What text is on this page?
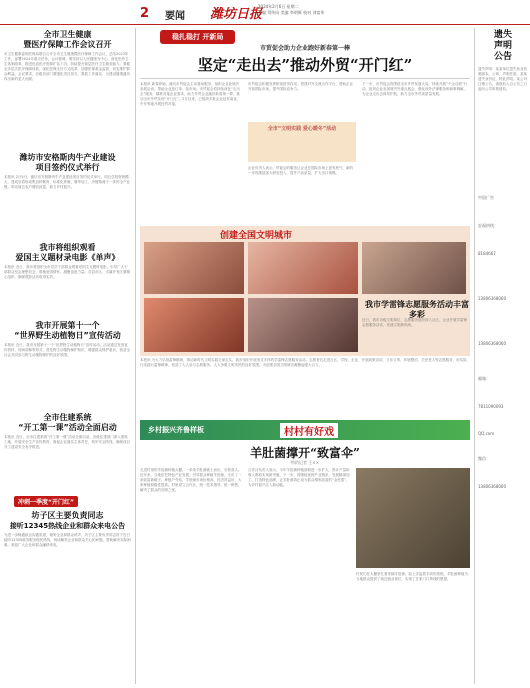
2 要闻 潍坊日报
2024年2月6日 星期二
责编 刘传向 美编 李明辉 校对 刘富华
全市卫生健康
暨医疗保障工作会议召开
市卫生健康委和医保局联合召开全市卫生健康暨医疗保障工作会议，总结2023年工作，部署2024年重点任务。会议强调，要坚持以人民健康为中心，深化医药卫生体制改革，推进优质医疗资源扩容下沉，持续提升基层医疗卫生服务能力。要健全多层次医疗保障体系，深化医保支付方式改革，加强医保基金监管，切实维护群众利益。会议要求，各级各部门要强化责任担当，狠抓工作落实，为建设健康潍坊作出新的更大贡献。
潍坊市安格斯肉牛产业建设
项目签约仪式举行
本报讯 2月5日，潍坊市安格斯肉牛产业建设项目签约仪式举行。项目总投资规模大，建成后将形成集良种繁育、标准化养殖、屠宰加工、冷链物流于一体的全产业链，带动周边农户增收致富，助力乡村振兴。
我市将组织观看
爱国主义题材录电影《单声》
本报讯 近日，我市将组织全市党员干部群众观看爱国主义题材电影，引导广大干部群众坚定理想信念，厚植爱国情怀，凝聚奋进力量。各县市区、市属开发区要精心组织，确保观影活动取得实效。
我市开展第十一个
“世界野生动植物日”宣传活动
本报讯 近日，我市开展第十一个“世界野生动植物日”宣传活动。活动通过发放宣传资料、现场讲解等形式，普及野生动植物保护知识，增强群众保护意识，营造全社会共同参与野生动植物保护的良好氛围。
全市住建系统
“开工第一课”活动全面启动
本报讯 近日，全市住建系统“开工第一课”活动全面启动。各级住建部门深入建筑工地，开展安全生产宣传教育，督促企业落实主体责任，筑牢安全防线，确保项目开工建设安全有序推进。
冲刺一季度“开门红”
坊子区主要负责同志
接听12345热线企业和群众来电公告
为进一步畅通政企沟通渠道，倾听企业和群众呼声，坊子区主要负责同志将于近日接听12345政务服务便民热线，现场解答企业和群众关心的问题，帮助解决实际困难。欢迎广大企业和群众踊跃来电。
稳扎稳打 开新局
市贸促会助力企业跑好新春第一棒
坚定“走出去”推动外贸“开门红”
本报讯 新春伊始，潍坊市贸促会主动靠前服务，组织企业赴境外参展洽谈，帮助企业抢订单、拓市场。市贸促会将持续深化“走出去”服务，精准对接企业需求，助力外贸企业跑好新春第一棒，推动全市外贸实现“开门红”。2月以来，已组织多批企业赴东南亚、中东等地开展经贸对接。
市贸促会积极发挥桥梁纽带作用，搭建对外交流合作平台，帮助企业开拓国际市场，提升国际竞争力。
全市“文明实践 爱心暖冬”活动
企业负责人表示，贸促会的服务让企业在国际市场上更有底气，新的一年将继续加大研发投入，提升产品质量，扩大出口规模。
下一步，市贸促会将围绕全市外贸发展大局，持续开展“千企百展”行动，组织企业参加境内外重点展会，强化涉外法律服务和商事调解，为企业走出去保驾护航，助力全市外贸高质量发展。
创建全国文明城市
我市学雷锋志愿服务活动丰富多彩
近日，我市各级文明单位、志愿服务组织深入社区、企业开展学雷锋志愿服务活动，传递文明新风尚。
本报讯 为大力弘扬雷锋精神，推动新时代文明实践走深走实，我市组织开展形式多样的学雷锋志愿服务活动。志愿者们走进社区、学校、企业，开展政策宣讲、义诊义剪、环境整治、关爱老人等志愿服务，用实际行动践行雷锋精神，营造了人人参与志愿服务、人人争做文明市民的良好氛围，为创建全国文明城市凝聚起强大合力。
乡村振兴齐鲁样板	村村有好戏
羊肚菌撑开“致富伞”
特约记者 王××
走进村里的羊肚菌种植大棚，一朵朵羊肚菌破土而出，长势喜人。近年来，当地依托特色产业发展，引导群众种植羊肚菌，走出了一条致富新路子。种植户介绍，羊肚菌市场价格高，经济效益好，大家种植积极性很高。村里成立合作社，统一技术指导、统一销售，解决了群众的后顾之忧。
合作社负责人表示，今年羊肚菌种植面积进一步扩大，预计产量和收入都将实现新突破。下一步，将继续延伸产业链条，发展精深加工，打造特色品牌，让羊肚菌真正成为群众增收致富的“金疙瘩”，为乡村振兴注入新动能。
村民们在大棚里忙着采摘羊肚菌，脸上洋溢着丰收的喜悦。羊肚菌种植为当地群众提供了就近就业岗位，实现了在家门口挣钱的愿望。
遗失
声明
公告
遗失声明：某某单位遗失营业执照副本、公章，声明作废。某某遗失身份证，特此声明。某公司注销公告，请债权人自公告之日起向公司申报债权。
中国广告
安福热线：
8184667
13806368060
13806368060
邮箱：
7811090093
QQ.com
微信：
13806368060
